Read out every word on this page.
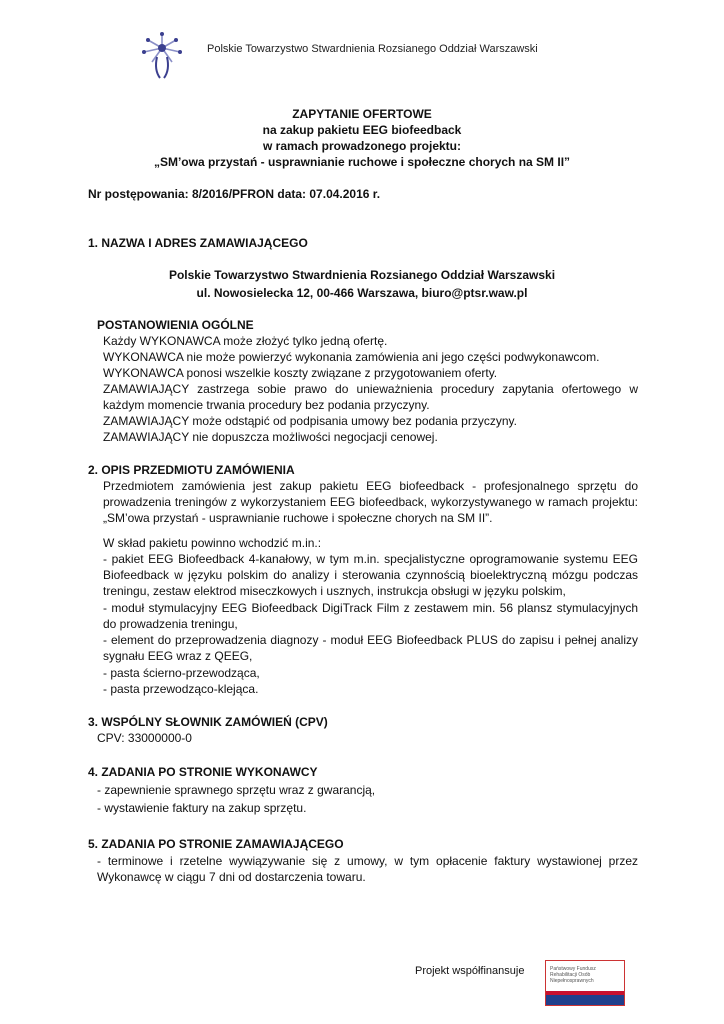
Polskie Towarzystwo Stwardnienia Rozsianego Oddział Warszawski
ZAPYTANIE OFERTOWE
na zakup pakietu EEG biofeedback
w ramach prowadzonego projektu:
„SM’owa przystań - usprawnianie ruchowe i społeczne chorych na SM II”
Nr postępowania: 8/2016/PFRON data: 07.04.2016 r.
1. NAZWA I ADRES ZAMAWIAJĄCEGO
Polskie Towarzystwo Stwardnienia Rozsianego Oddział Warszawski
ul. Nowosielecka 12, 00-466 Warszawa, biuro@ptsr.waw.pl
POSTANOWIENIA OGÓLNE
Każdy WYKONAWCA może złożyć tylko jedną ofertę.
WYKONAWCA nie może powierzyć wykonania zamówienia ani jego części podwykonawcom.
WYKONAWCA ponosi wszelkie koszty związane z przygotowaniem oferty.
ZAMAWIAJĄCY zastrzega sobie prawo do unieważnienia procedury zapytania ofertowego w każdym momencie trwania procedury bez podania przyczyny.
ZAMAWIAJĄCY może odstąpić od podpisania umowy bez podania przyczyny.
ZAMAWIAJĄCY nie dopuszcza możliwości negocjacji cenowej.
2. OPIS PRZEDMIOTU ZAMÓWIENIA
Przedmiotem zamówienia jest zakup pakietu EEG biofeedback - profesjonalnego sprzętu do prowadzenia treningów z wykorzystaniem EEG biofeedback, wykorzystywanego w ramach projektu: „SM’owa przystań - usprawnianie ruchowe i społeczne chorych na SM II”.
W skład pakietu powinno wchodzić m.in.:
- pakiet EEG Biofeedback 4-kanałowy, w tym m.in. specjalistyczne oprogramowanie systemu EEG Biofeedback w języku polskim do analizy i sterowania czynnością bioelektryczną mózgu podczas treningu, zestaw elektrod miseczkowych i usznych, instrukcja obsługi w języku polskim,
- moduł stymulacyjny EEG Biofeedback DigiTrack Film z zestawem min. 56 plansz stymulacyjnych do prowadzenia treningu,
- element do przeprowadzenia diagnozy - moduł EEG Biofeedback PLUS do zapisu i pełnej analizy sygnału EEG wraz z QEEG,
- pasta ścierno-przewodząca,
- pasta przewodząco-klejąca.
3. WSPÓLNY SŁOWNIK ZAMÓWIEŃ (CPV)
CPV: 33000000-0
4. ZADANIA PO STRONIE WYKONAWCY
- zapewnienie sprawnego sprzętu wraz z gwarancją,
- wystawienie faktury na zakup sprzętu.
5. ZADANIA PO STRONIE ZAMAWIAJĄCEGO
- terminowe i rzetelne wywiązywanie się z umowy, w tym opłacenie faktury wystawionej przez Wykonawcę w ciągu 7 dni od dostarczenia towaru.
Projekt współfinansuje	Państwowy Fundusz Rehabilitacji Osób Niepełnosprawnych
